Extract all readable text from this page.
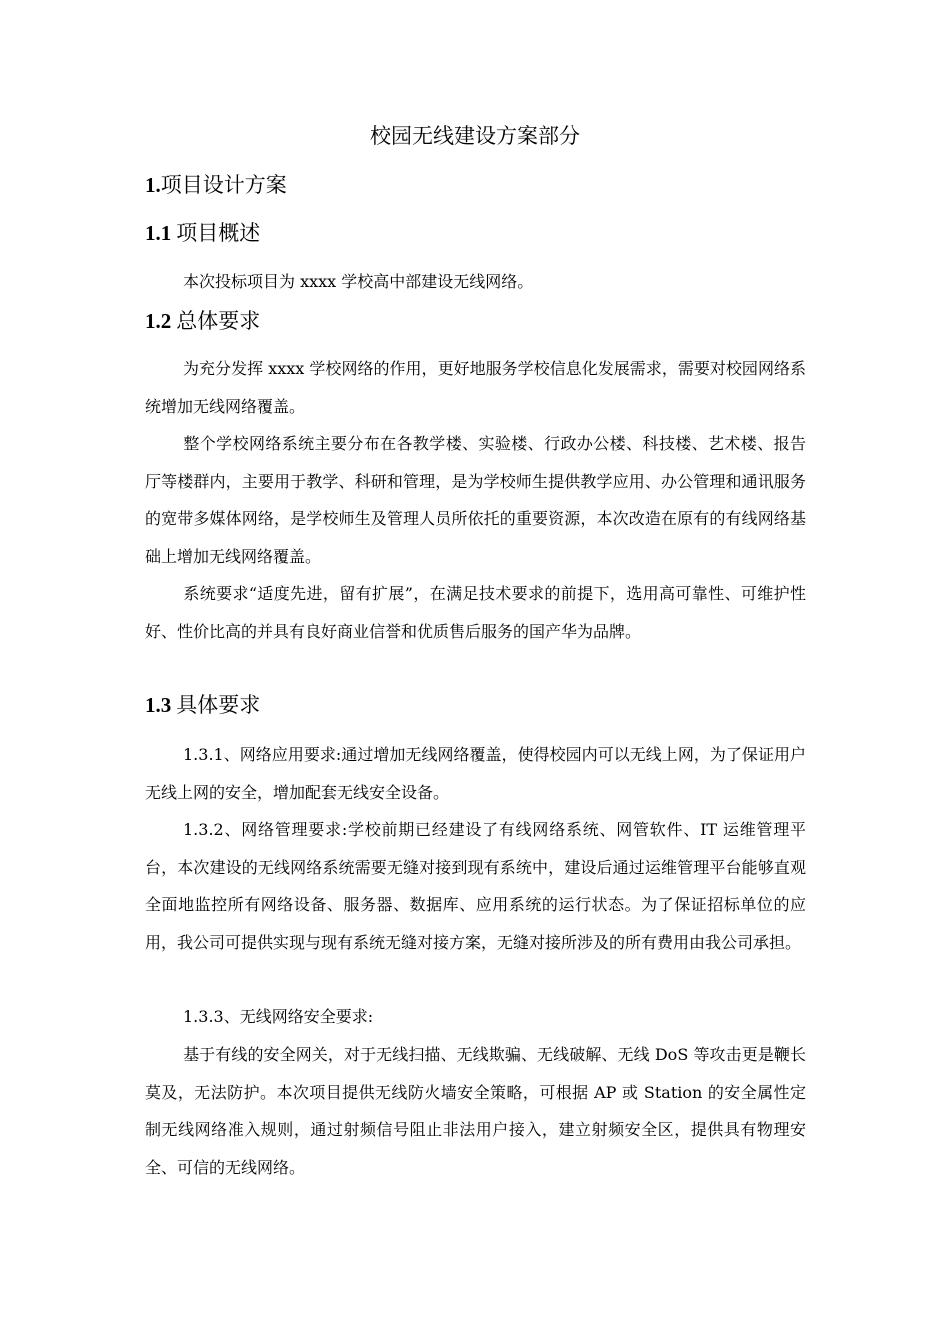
校园无线建设方案部分
1.项目设计方案
1.1 项目概述
本次投标项目为 xxxx 学校高中部建设无线网络。
1.2 总体要求
为充分发挥 xxxx 学校网络的作用，更好地服务学校信息化发展需求，需要对校园网络系统增加无线网络覆盖。
整个学校网络系统主要分布在各教学楼、实验楼、行政办公楼、科技楼、艺术楼、报告厅等楼群内，主要用于教学、科研和管理，是为学校师生提供教学应用、办公管理和通讯服务的宽带多媒体网络，是学校师生及管理人员所依托的重要资源，本次改造在原有的有线网络基础上增加无线网络覆盖。
系统要求“适度先进，留有扩展”，在满足技术要求的前提下，选用高可靠性、可维护性好、性价比高的并具有良好商业信誉和优质售后服务的国产华为品牌。
1.3 具体要求
1.3.1、网络应用要求:通过增加无线网络覆盖，使得校园内可以无线上网，为了保证用户无线上网的安全，增加配套无线安全设备。
1.3.2、网络管理要求:学校前期已经建设了有线网络系统、网管软件、IT 运维管理平台，本次建设的无线网络系统需要无缝对接到现有系统中，建设后通过运维管理平台能够直观全面地监控所有网络设备、服务器、数据库、应用系统的运行状态。为了保证招标单位的应用，我公司可提供实现与现有系统无缝对接方案，无缝对接所涉及的所有费用由我公司承担。
1.3.3、无线网络安全要求:
基于有线的安全网关，对于无线扫描、无线欺骗、无线破解、无线 DoS 等攻击更是鞭长莫及，无法防护。本次项目提供无线防火墙安全策略，可根据 AP 或 Station 的安全属性定制无线网络准入规则，通过射频信号阻止非法用户接入，建立射频安全区，提供具有物理安全、可信的无线网络。
